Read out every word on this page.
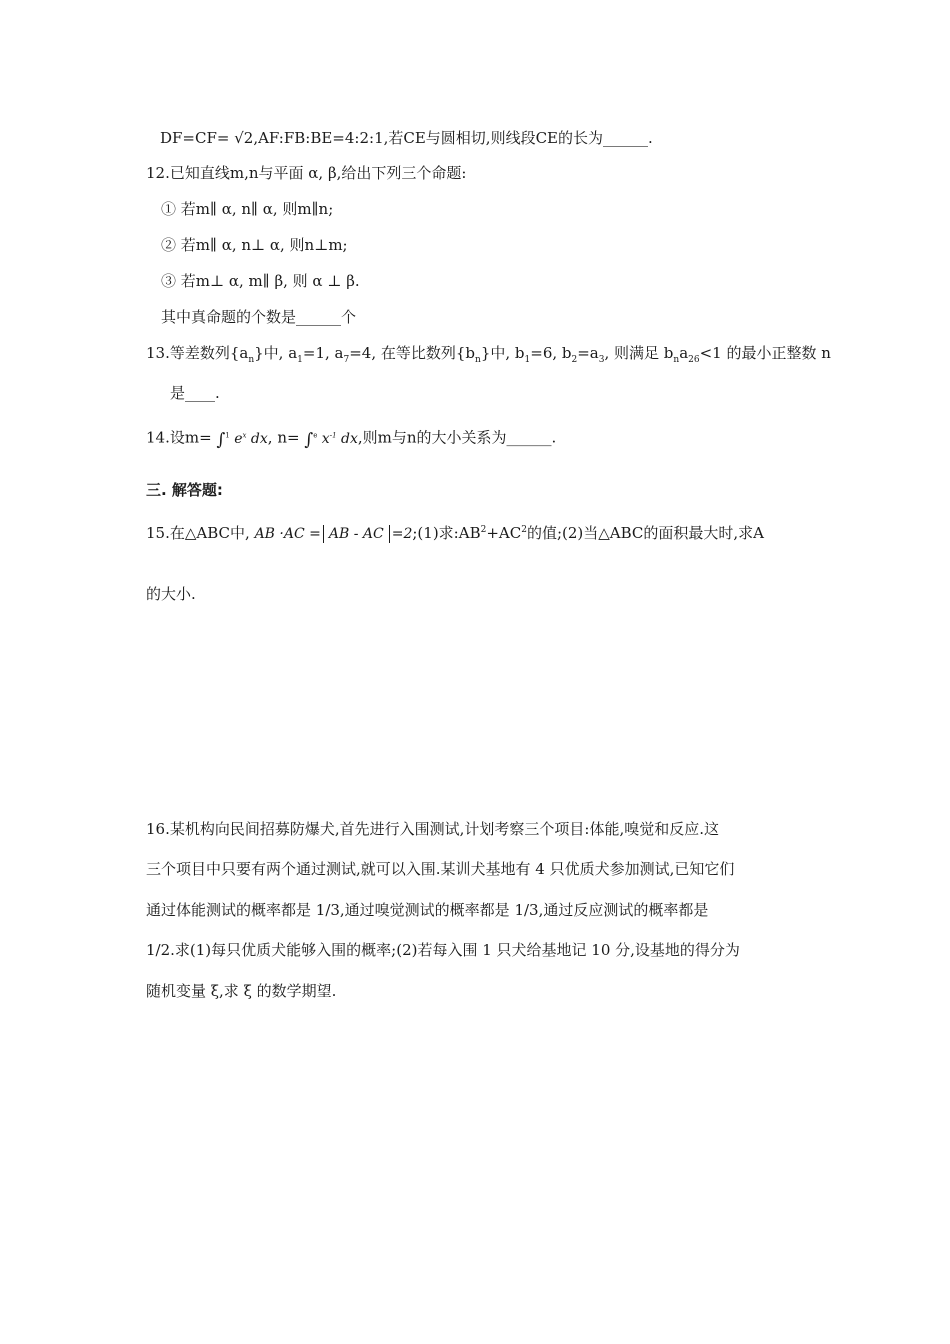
DF=CF= √2,AF:FB:BE=4:2:1,若CE与圆相切,则线段CE的长为______.
12.已知直线m,n与平面 α, β,给出下列三个命题:
① 若m∥ α, n∥ α, 则m∥n;
② 若m∥ α, n⊥ α, 则n⊥m;
③ 若m⊥ α, m∥ β, 则 α ⊥ β.
其中真命题的个数是______个
13.等差数列$\{a_n\}$中, $a_1=1$, $a_7=4$, 在等比数列$\{b_n\}$中, $b_1=6$, $b_2=a_3$, 则满足 $b_na_{26}<1$ 的最小正整数 n
是____.
14.设m= ∫$^1$ $e^x$ dx, n= ∫$^e$ $x^{-1}$ dx,则m与n的大小关系为______.
三. 解答题:
15.在△ABC中, AB ·AC = AB - AC =2;(1)求$:AB^2+AC^2$的值;(2)当△ABC的面积最大时,求A
的大小.
16.某机构向民间招募防爆犬,首先进行入围测试,计划考察三个项目:体能,嗅觉和反应.这
三个项目中只要有两个通过测试,就可以入围.某训犬基地有 4 只优质犬参加测试,已知它们
通过体能测试的概率都是 1/3,通过嗅觉测试的概率都是 1/3,通过反应测试的概率都是
1/2.求(1)每只优质犬能够入围的概率;(2)若每入围 1 只犬给基地记 10 分,设基地的得分为
随机变量 ξ,求 ξ 的数学期望.
